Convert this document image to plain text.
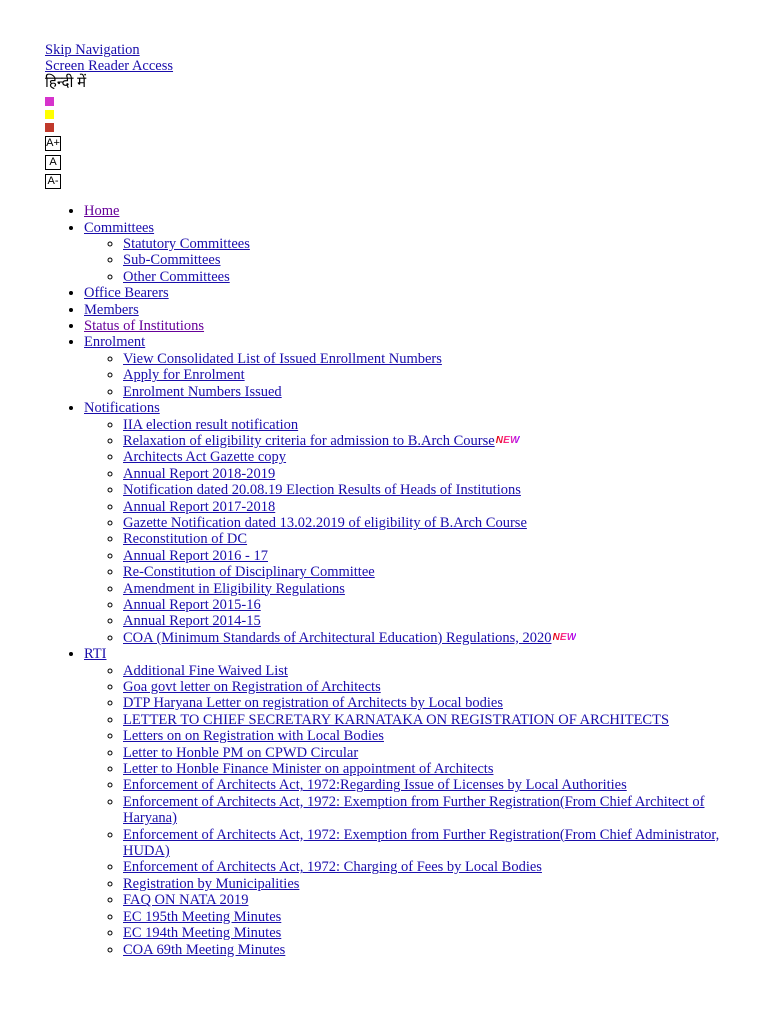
Skip Navigation
Screen Reader Access
हिन्दी में
A+
A
A-
• Home
• Committees
◦ Statutory Committees
◦ Sub-Committees
◦ Other Committees
• Office Bearers
• Members
• Status of Institutions
• Enrolment
◦ View Consolidated List of Issued Enrollment Numbers
◦ Apply for Enrolment
◦ Enrolment Numbers Issued
• Notifications
◦ IIA election result notification
◦ Relaxation of eligibility criteria for admission to B.Arch CourseNEW
◦ Architects Act Gazette copy
◦ Annual Report 2018-2019
◦ Notification dated 20.08.19 Election Results of Heads of Institutions
◦ Annual Report 2017-2018
◦ Gazette Notification dated 13.02.2019 of eligibility of B.Arch Course
◦ Reconstitution of DC
◦ Annual Report 2016 - 17
◦ Re-Constitution of Disciplinary Committee
◦ Amendment in Eligibility Regulations
◦ Annual Report 2015-16
◦ Annual Report 2014-15
◦ COA (Minimum Standards of Architectural Education) Regulations, 2020NEW
• RTI
◦ Additional Fine Waived List
◦ Goa govt letter on Registration of Architects
◦ DTP Haryana Letter on registration of Architects by Local bodies
◦ LETTER TO CHIEF SECRETARY KARNATAKA ON REGISTRATION OF ARCHITECTS
◦ Letters on on Registration with Local Bodies
◦ Letter to Honble PM on CPWD Circular
◦ Letter to Honble Finance Minister on appointment of Architects
◦ Enforcement of Architects Act, 1972:Regarding Issue of Licenses by Local Authorities
◦ Enforcement of Architects Act, 1972: Exemption from Further Registration(From Chief Architect of Haryana)
◦ Enforcement of Architects Act, 1972: Exemption from Further Registration(From Chief Administrator, HUDA)
◦ Enforcement of Architects Act, 1972: Charging of Fees by Local Bodies
◦ Registration by Municipalities
◦ FAQ ON NATA 2019
◦ EC 195th Meeting Minutes
◦ EC 194th Meeting Minutes
◦ COA 69th Meeting Minutes
